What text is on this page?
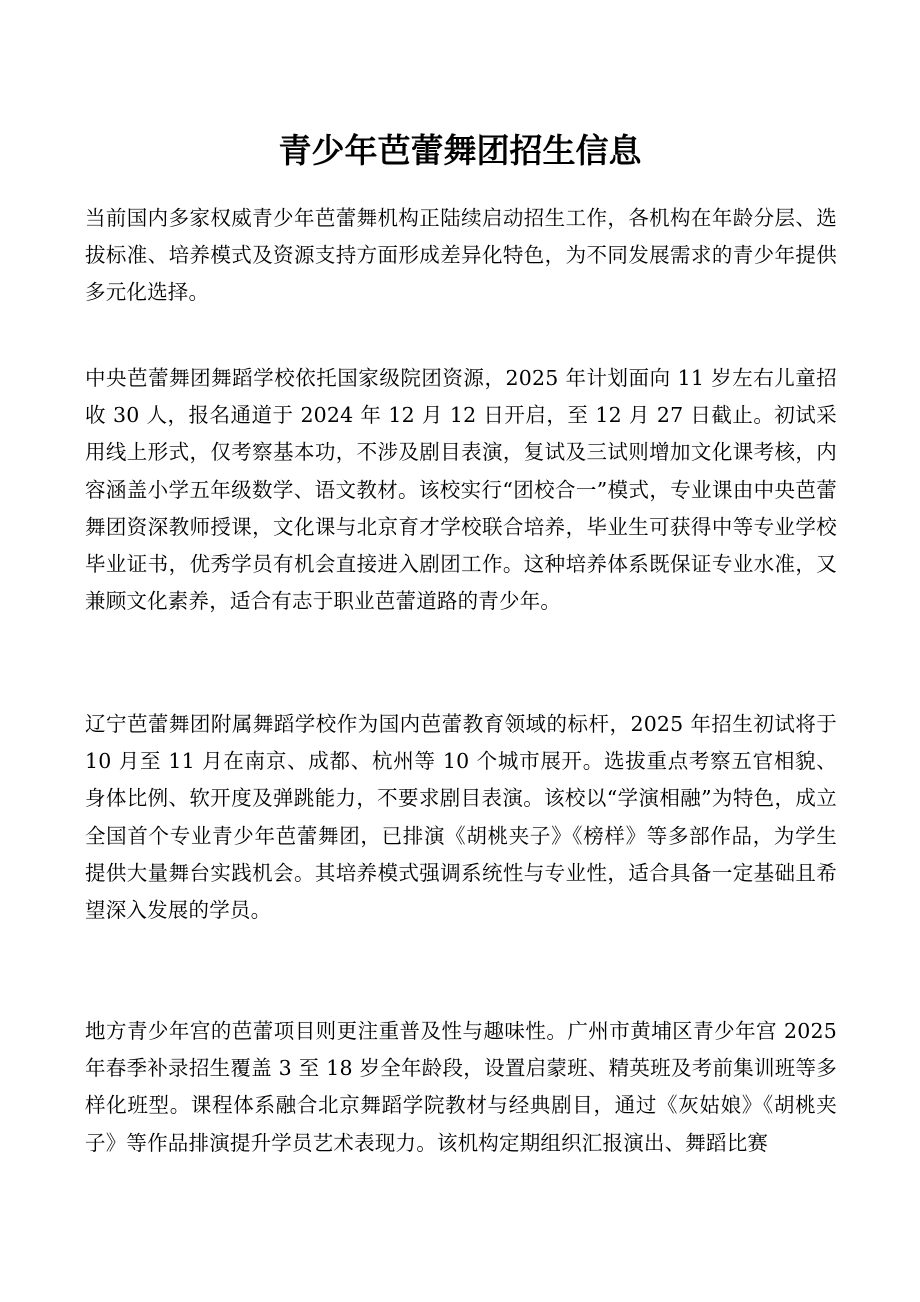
青少年芭蕾舞团招生信息

当前国内多家权威青少年芭蕾舞机构正陆续启动招生工作，各机构在年龄分层、选拔标准、培养模式及资源支持方面形成差异化特色，为不同发展需求的青少年提供多元化选择。

中央芭蕾舞团舞蹈学校依托国家级院团资源，2025 年计划面向 11 岁左右儿童招收 30 人，报名通道于 2024 年 12 月 12 日开启，至 12 月 27 日截止。初试采用线上形式，仅考察基本功，不涉及剧目表演，复试及三试则增加文化课考核，内容涵盖小学五年级数学、语文教材。该校实行“团校合一”模式，专业课由中央芭蕾舞团资深教师授课，文化课与北京育才学校联合培养，毕业生可获得中等专业学校毕业证书，优秀学员有机会直接进入剧团工作。这种培养体系既保证专业水准，又兼顾文化素养，适合有志于职业芭蕾道路的青少年。

辽宁芭蕾舞团附属舞蹈学校作为国内芭蕾教育领域的标杆，2025 年招生初试将于 10 月至 11 月在南京、成都、杭州等 10 个城市展开。选拔重点考察五官相貌、身体比例、软开度及弹跳能力，不要求剧目表演。该校以“学演相融”为特色，成立全国首个专业青少年芭蕾舞团，已排演《胡桃夹子》《榜样》等多部作品，为学生提供大量舞台实践机会。其培养模式强调系统性与专业性，适合具备一定基础且希望深入发展的学员。

地方青少年宫的芭蕾项目则更注重普及性与趣味性。广州市黄埔区青少年宫 2025 年春季补录招生覆盖 3 至 18 岁全年龄段，设置启蒙班、精英班及考前集训班等多样化班型。课程体系融合北京舞蹈学院教材与经典剧目，通过《灰姑娘》《胡桃夹子》等作品排演提升学员艺术表现力。该机构定期组织汇报演出、舞蹈比赛
